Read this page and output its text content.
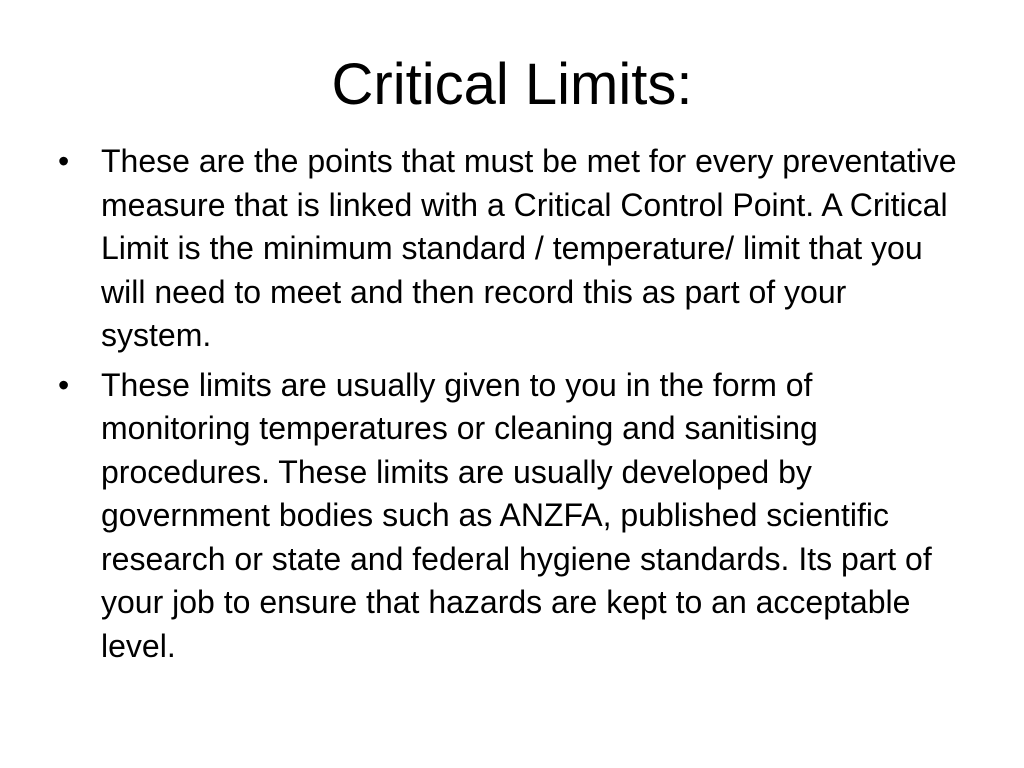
Critical Limits:
• These are the points that must be met for every preventative measure that is linked with a Critical Control Point. A Critical Limit is the minimum standard / temperature/ limit that you will need to meet and then record this as part of your system.
• These limits are usually given to you in the form of monitoring temperatures or cleaning and sanitising procedures. These limits are usually developed by government bodies such as ANZFA, published scientific research or state and federal hygiene standards. Its part of your job to ensure that hazards are kept to an acceptable level.
